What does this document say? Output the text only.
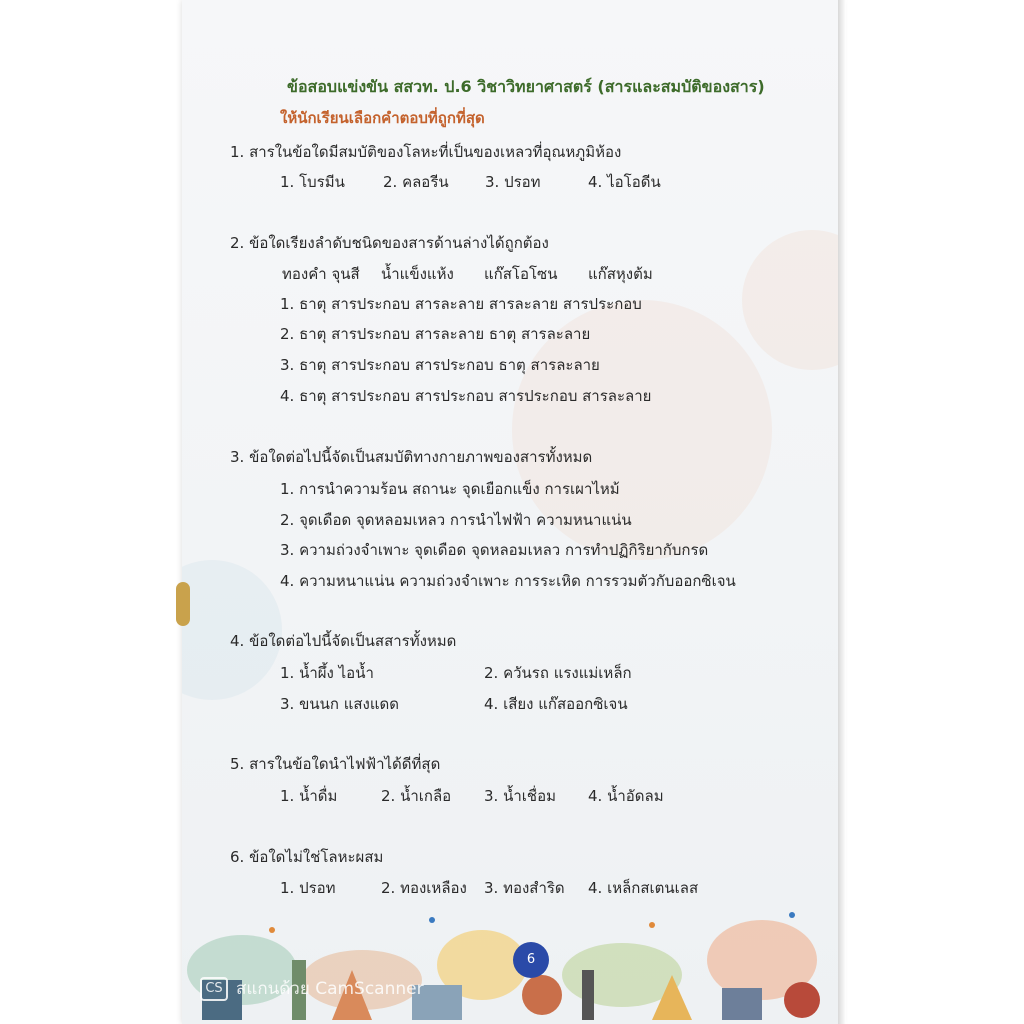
ข้อสอบแข่งขัน สสวท. ป.6 วิชาวิทยาศาสตร์ (สารและสมบัติของสาร)
ให้นักเรียนเลือกคำตอบที่ถูกที่สุด
1. สารในข้อใดมีสมบัติของโลหะที่เป็นของเหลวที่อุณหภูมิห้อง
1. โบรมีน	2. คลอรีน 3. ปรอท	4. ไอโอดีน
2. ข้อใดเรียงลำดับชนิดของสารด้านล่างได้ถูกต้อง
ทองคำ จุนสี น้ำแข็งแห้ง แก๊สโอโซน แก๊สหุงต้ม
1. ธาตุ สารประกอบ สารละลาย สารละลาย สารประกอบ
2. ธาตุ สารประกอบ สารละลาย ธาตุ สารละลาย
3. ธาตุ สารประกอบ สารประกอบ ธาตุ สารละลาย
4. ธาตุ สารประกอบ สารประกอบ สารประกอบ สารละลาย
3. ข้อใดต่อไปนี้จัดเป็นสมบัติทางกายภาพของสารทั้งหมด
1. การนำความร้อน สถานะ จุดเยือกแข็ง การเผาไหม้
2. จุดเดือด จุดหลอมเหลว การนำไฟฟ้า ความหนาแน่น
3. ความถ่วงจำเพาะ จุดเดือด จุดหลอมเหลว การทำปฏิกิริยากับกรด
4. ความหนาแน่น ความถ่วงจำเพาะ การระเหิด การรวมตัวกับออกซิเจน
4. ข้อใดต่อไปนี้จัดเป็นสสารทั้งหมด
1. น้ำผึ้ง ไอน้ำ	2. ควันรถ แรงแม่เหล็ก
3. ขนนก แสงแดด	4. เสียง แก๊สออกซิเจน
5. สารในข้อใดนำไฟฟ้าได้ดีที่สุด
1. น้ำดื่ม	2. น้ำเกลือ 3. น้ำเชื่อม 4. น้ำอัดลม
6. ข้อใดไม่ใช่โลหะผสม
1. ปรอท	2. ทองเหลือง 3. ทองสำริด 4. เหล็กสเตนเลส
6
CS สแกนด้วย CamScanner
